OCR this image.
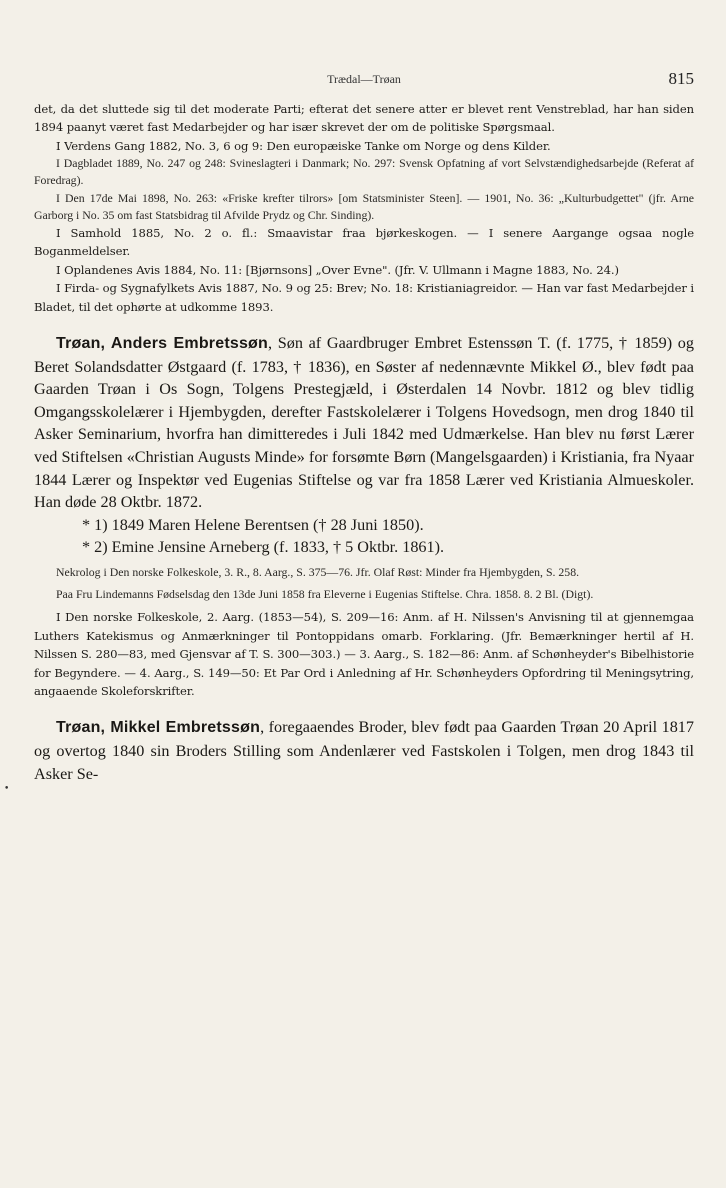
Trædal—Trøan	815
•

det, da det sluttede sig til det moderate Parti; efterat det senere atter er blevet rent Venstreblad, har han siden 1894 paanyt været fast Medarbejder og har især skrevet der om de politiske Spørgsmaal.

I Verdens Gang 1882, No. 3, 6 og 9: Den europæiske Tanke om Norge og dens Kilder.

I Dagbladet 1889, No. 247 og 248: Svineslagteri i Danmark; No. 297: Svensk Opfatning af vort Selvstændighedsarbejde (Referat af Foredrag).

I Den 17de Mai 1898, No. 263: «Friske krefter tilrors» [om Statsminister Steen]. — 1901, No. 36: „Kulturbudgettet" (jfr. Arne Garborg i No. 35 om fast Statsbidrag til Afvilde Prydz og Chr. Sinding).

I Samhold 1885, No. 2 o. fl.: Smaavistar fraa bjørkeskogen. — I senere Aargange ogsaa nogle Boganmeldelser.

I Oplandenes Avis 1884, No. 11: [Bjørnsons] „Over Evne". (Jfr. V. Ullmann i Magne 1883, No. 24.)

I Firda- og Sygnafylkets Avis 1887, No. 9 og 25: Brev; No. 18: Kristianiagreidor. — Han var fast Medarbejder i Bladet, til det ophørte at udkomme 1893.

Trøan, Anders Embretssøn, Søn af Gaardbruger Embret Estenssøn T. (f. 1775, † 1859) og Beret Solandsdatter Østgaard (f. 1783, † 1836), en Søster af nedennævnte Mikkel Ø., blev født paa Gaarden Trøan i Os Sogn, Tolgens Prestegjæld, i Østerdalen 14 Novbr. 1812 og blev tidlig Omgangsskolelærer i Hjembygden, derefter Fastskolelærer i Tolgens Hovedsogn, men drog 1840 til Asker Seminarium, hvorfra han dimitteredes i Juli 1842 med Udmærkelse. Han blev nu først Lærer ved Stiftelsen «Christian Augusts Minde» for forsømte Børn (Mangelsgaarden) i Kristiania, fra Nyaar 1844 Lærer og Inspektør ved Eugenias Stiftelse og var fra 1858 Lærer ved Kristiania Almueskoler. Han døde 28 Oktbr. 1872.

* 1) 1849 Maren Helene Berentsen († 28 Juni 1850).

* 2) Emine Jensine Arneberg (f. 1833, † 5 Oktbr. 1861).

Nekrolog i Den norske Folkeskole, 3. R., 8. Aarg., S. 375—76. Jfr. Olaf Røst: Minder fra Hjembygden, S. 258.

Paa Fru Lindemanns Fødselsdag den 13de Juni 1858 fra Eleverne i Eugenias Stiftelse. Chra. 1858. 8. 2 Bl. (Digt).

I Den norske Folkeskole, 2. Aarg. (1853—54), S. 209—16: Anm. af H. Nilssen's Anvisning til at gjennemgaa Luthers Katekismus og Anmærkninger til Pontoppidans omarb. Forklaring. (Jfr. Bemærkninger hertil af H. Nilssen S. 280—83, med Gjensvar af T. S. 300—303.) — 3. Aarg., S. 182—86: Anm. af Schønheyder's Bibelhistorie for Begyndere. — 4. Aarg., S. 149—50: Et Par Ord i Anledning af Hr. Schønheyders Opfordring til Meningsytring, angaaende Skoleforskrifter.

Trøan, Mikkel Embretssøn, foregaaendes Broder, blev født paa Gaarden Trøan 20 April 1817 og overtog 1840 sin Broders Stilling som Andenlærer ved Fastskolen i Tolgen, men drog 1843 til Asker Se-
